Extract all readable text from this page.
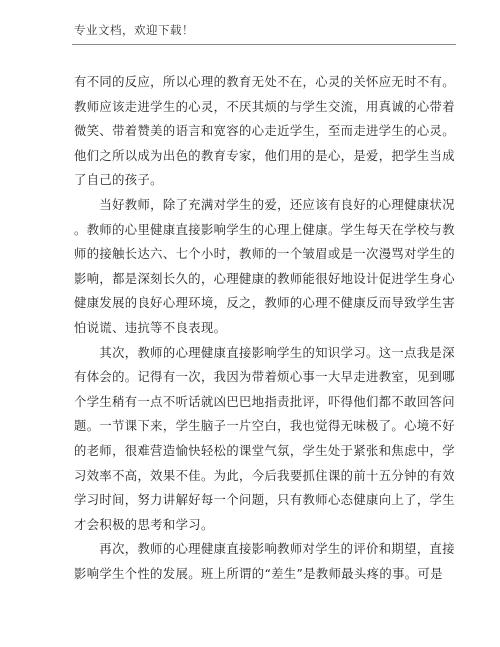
专业文档，欢迎下载！
有不同的反应，所以心理的教育无处不在，心灵的关怀应无时不有。
教师应该走进学生的心灵，不厌其烦的与学生交流，用真诚的心带着
微笑、带着赞美的语言和宽容的心走近学生，至而走进学生的心灵。
他们之所以成为出色的教育专家，他们用的是心，是爱，把学生当成
了自己的孩子。
　　当好教师，除了充满对学生的爱，还应该有良好的心理健康状况
。教师的心里健康直接影响学生的心理上健康。学生每天在学校与教
师的接触长达六、七个小时，教师的一个皱眉或是一次漫骂对学生的
影响，都是深刻长久的，心理健康的教师能很好地设计促进学生身心
健康发展的良好心理环境，反之，教师的心理不健康反而导致学生害
怕说谎、违抗等不良表现。
　　其次，教师的心理健康直接影响学生的知识学习。这一点我是深
有体会的。记得有一次，我因为带着烦心事一大早走进教室，见到哪
个学生稍有一点不听话就凶巴巴地指责批评，吓得他们都不敢回答问
题。一节课下来，学生脑子一片空白，我也觉得无味极了。心境不好
的老师，很难营造愉快轻松的课堂气氛，学生处于紧张和焦虑中，学
习效率不高，效果不佳。为此，今后我要抓住课的前十五分钟的有效
学习时间，努力讲解好每一个问题，只有教师心态健康向上了，学生
才会积极的思考和学习。
　　再次，教师的心理健康直接影响教师对学生的评价和期望，直接
影响学生个性的发展。班上所谓的“差生”是教师最头疼的事。可是
